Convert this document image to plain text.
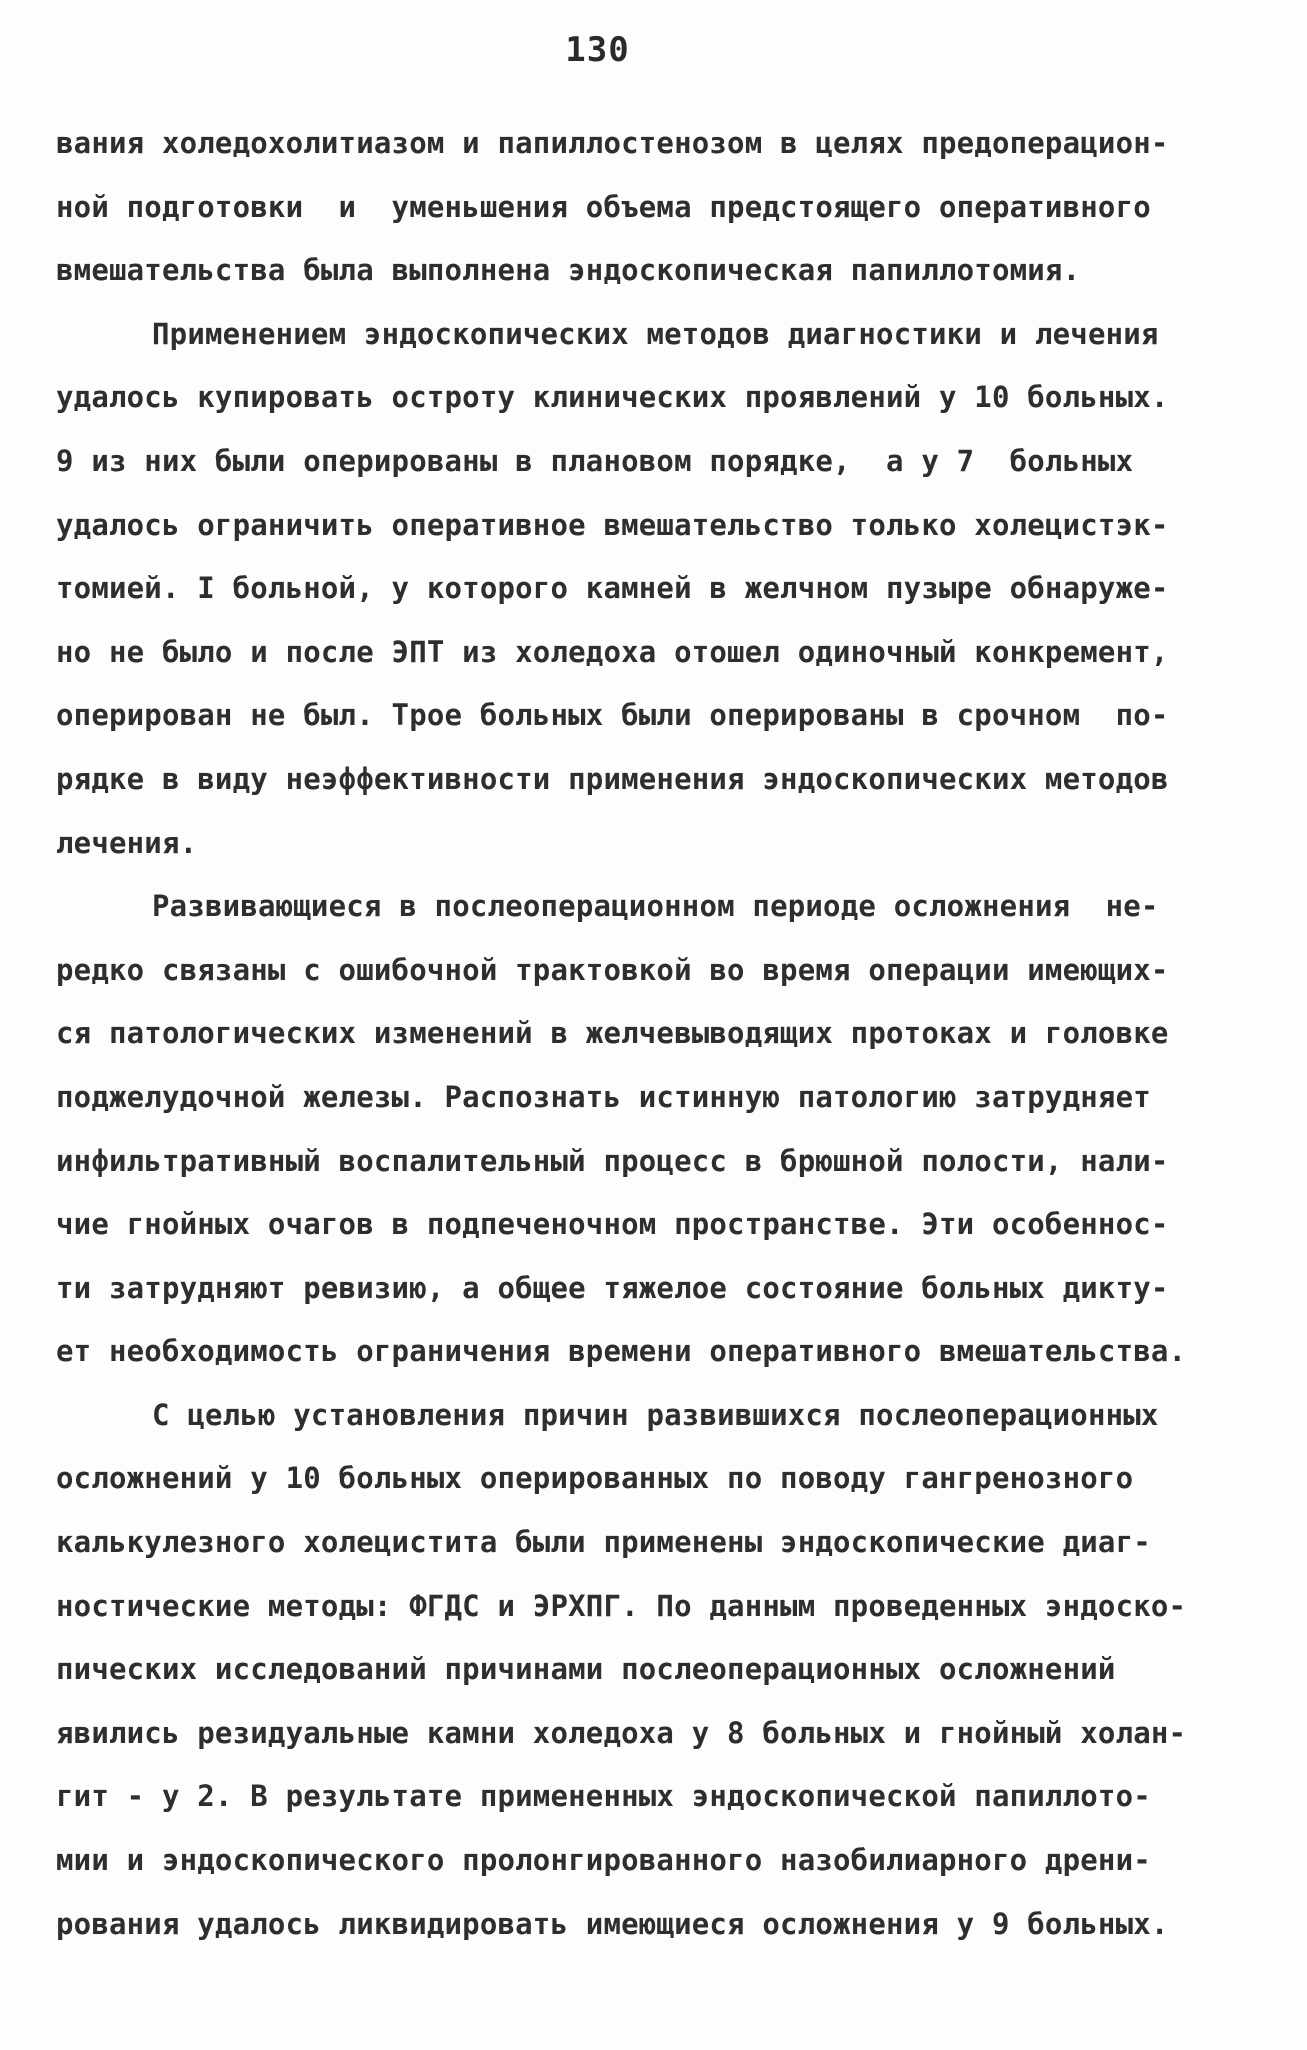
130
вания холедохолитиазом и папиллостенозом в целях предоперацион-
ной подготовки  и  уменьшения объема предстоящего оперативного
вмешательства была выполнена эндоскопическая папиллотомия.
Применением эндоскопических методов диагностики и лечения
удалось купировать остроту клинических проявлений у 10 больных.
9 из них были оперированы в плановом порядке,  а у 7  больных
удалось ограничить оперативное вмешательство только холецистэк-
томией. I больной, у которого камней в желчном пузыре обнаруже-
но не было и после ЭПТ из холедоха отошел одиночный конкремент,
оперирован не был. Трое больных были оперированы в срочном  по-
рядке в виду неэффективности применения эндоскопических методов
лечения.
Развивающиеся в послеоперационном периоде осложнения  не-
редко связаны с ошибочной трактовкой во время операции имеющих-
ся патологических изменений в желчевыводящих протоках и головке
поджелудочной железы. Распознать истинную патологию затрудняет
инфильтративный воспалительный процесс в брюшной полости, нали-
чие гнойных очагов в подпеченочном пространстве. Эти особеннос-
ти затрудняют ревизию, а общее тяжелое состояние больных дикту-
ет необходимость ограничения времени оперативного вмешательства.
С целью установления причин развившихся послеоперационных
осложнений у 10 больных оперированных по поводу гангренозного
калькулезного холецистита были применены эндоскопические диаг-
ностические методы: ФГДС и ЭРХПГ. По данным проведенных эндоско-
пических исследований причинами послеоперационных осложнений
явились резидуальные камни холедоха у 8 больных и гнойный холан-
гит - у 2. В результате примененных эндоскопической папиллото-
мии и эндоскопического пролонгированного назобилиарного дрени-
рования удалось ликвидировать имеющиеся осложнения у 9 больных.
